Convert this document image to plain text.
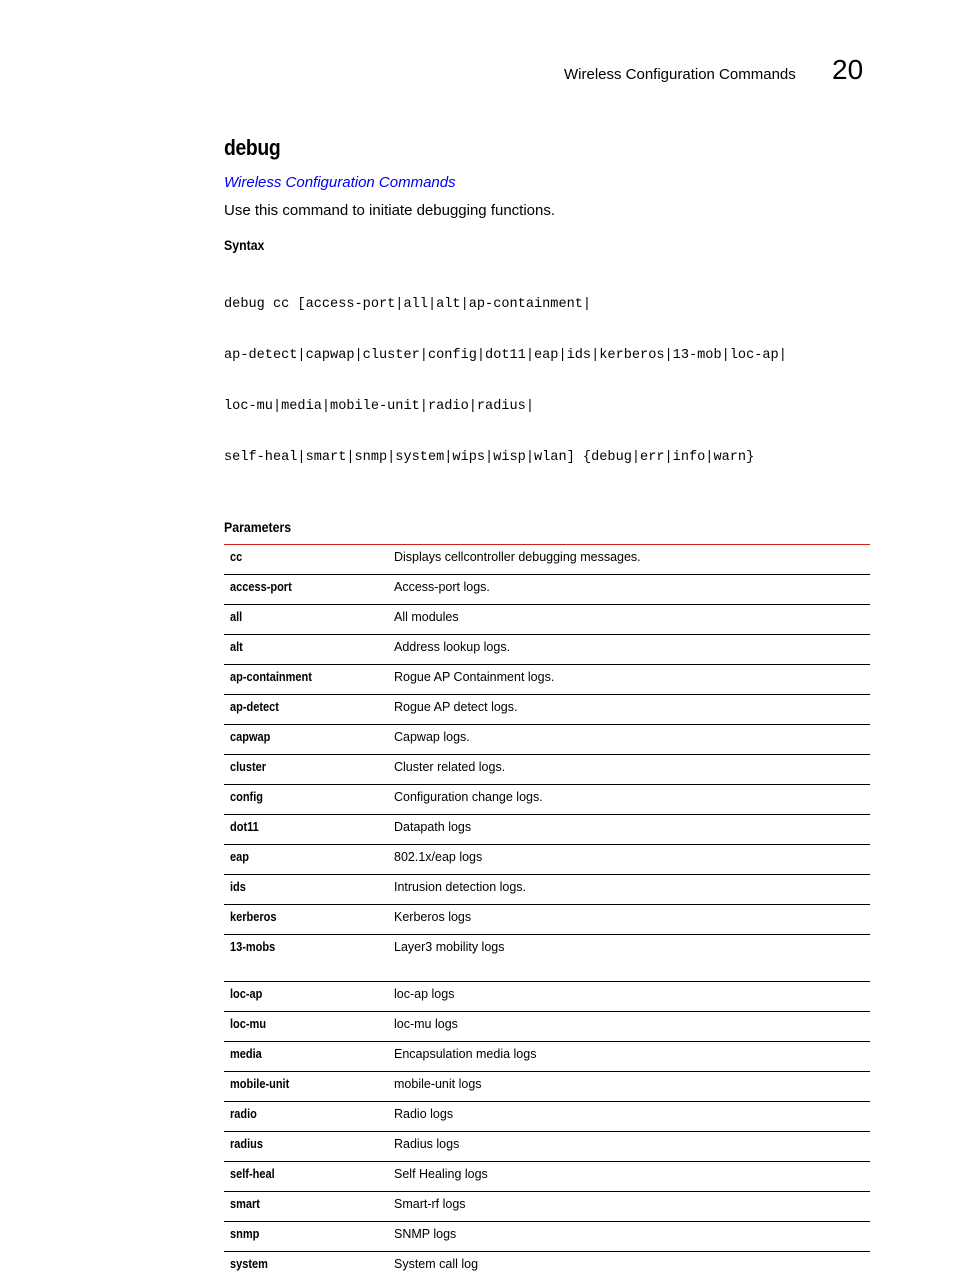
Wireless Configuration Commands 20
debug
Wireless Configuration Commands
Use this command to initiate debugging functions.
Syntax

debug cc [access-port|all|alt|ap-containment|

ap-detect|capwap|cluster|config|dot11|eap|ids|kerberos|13-mob|loc-ap|

loc-mu|media|mobile-unit|radio|radius|

self-heal|smart|snmp|system|wips|wisp|wlan] {debug|err|info|warn}

Parameters
cc	Displays cellcontroller debugging messages.
access-port	Access-port logs.
all	All modules
alt	Address lookup logs.
ap-containment	Rogue AP Containment logs.
ap-detect	Rogue AP detect logs.
capwap	Capwap logs.
cluster	Cluster related logs.
config	Configuration change logs.
dot11	Datapath logs
eap	802.1x/eap logs
ids	Intrusion detection logs.
kerberos	Kerberos logs
13-mobs	Layer3 mobility logs
loc-ap	loc-ap logs
loc-mu	loc-mu logs
media	Encapsulation media logs
mobile-unit	mobile-unit logs
radio	Radio logs
radius	Radius logs
self-heal	Self Healing logs
smart	Smart-rf logs
snmp	SNMP logs
system	System call log
